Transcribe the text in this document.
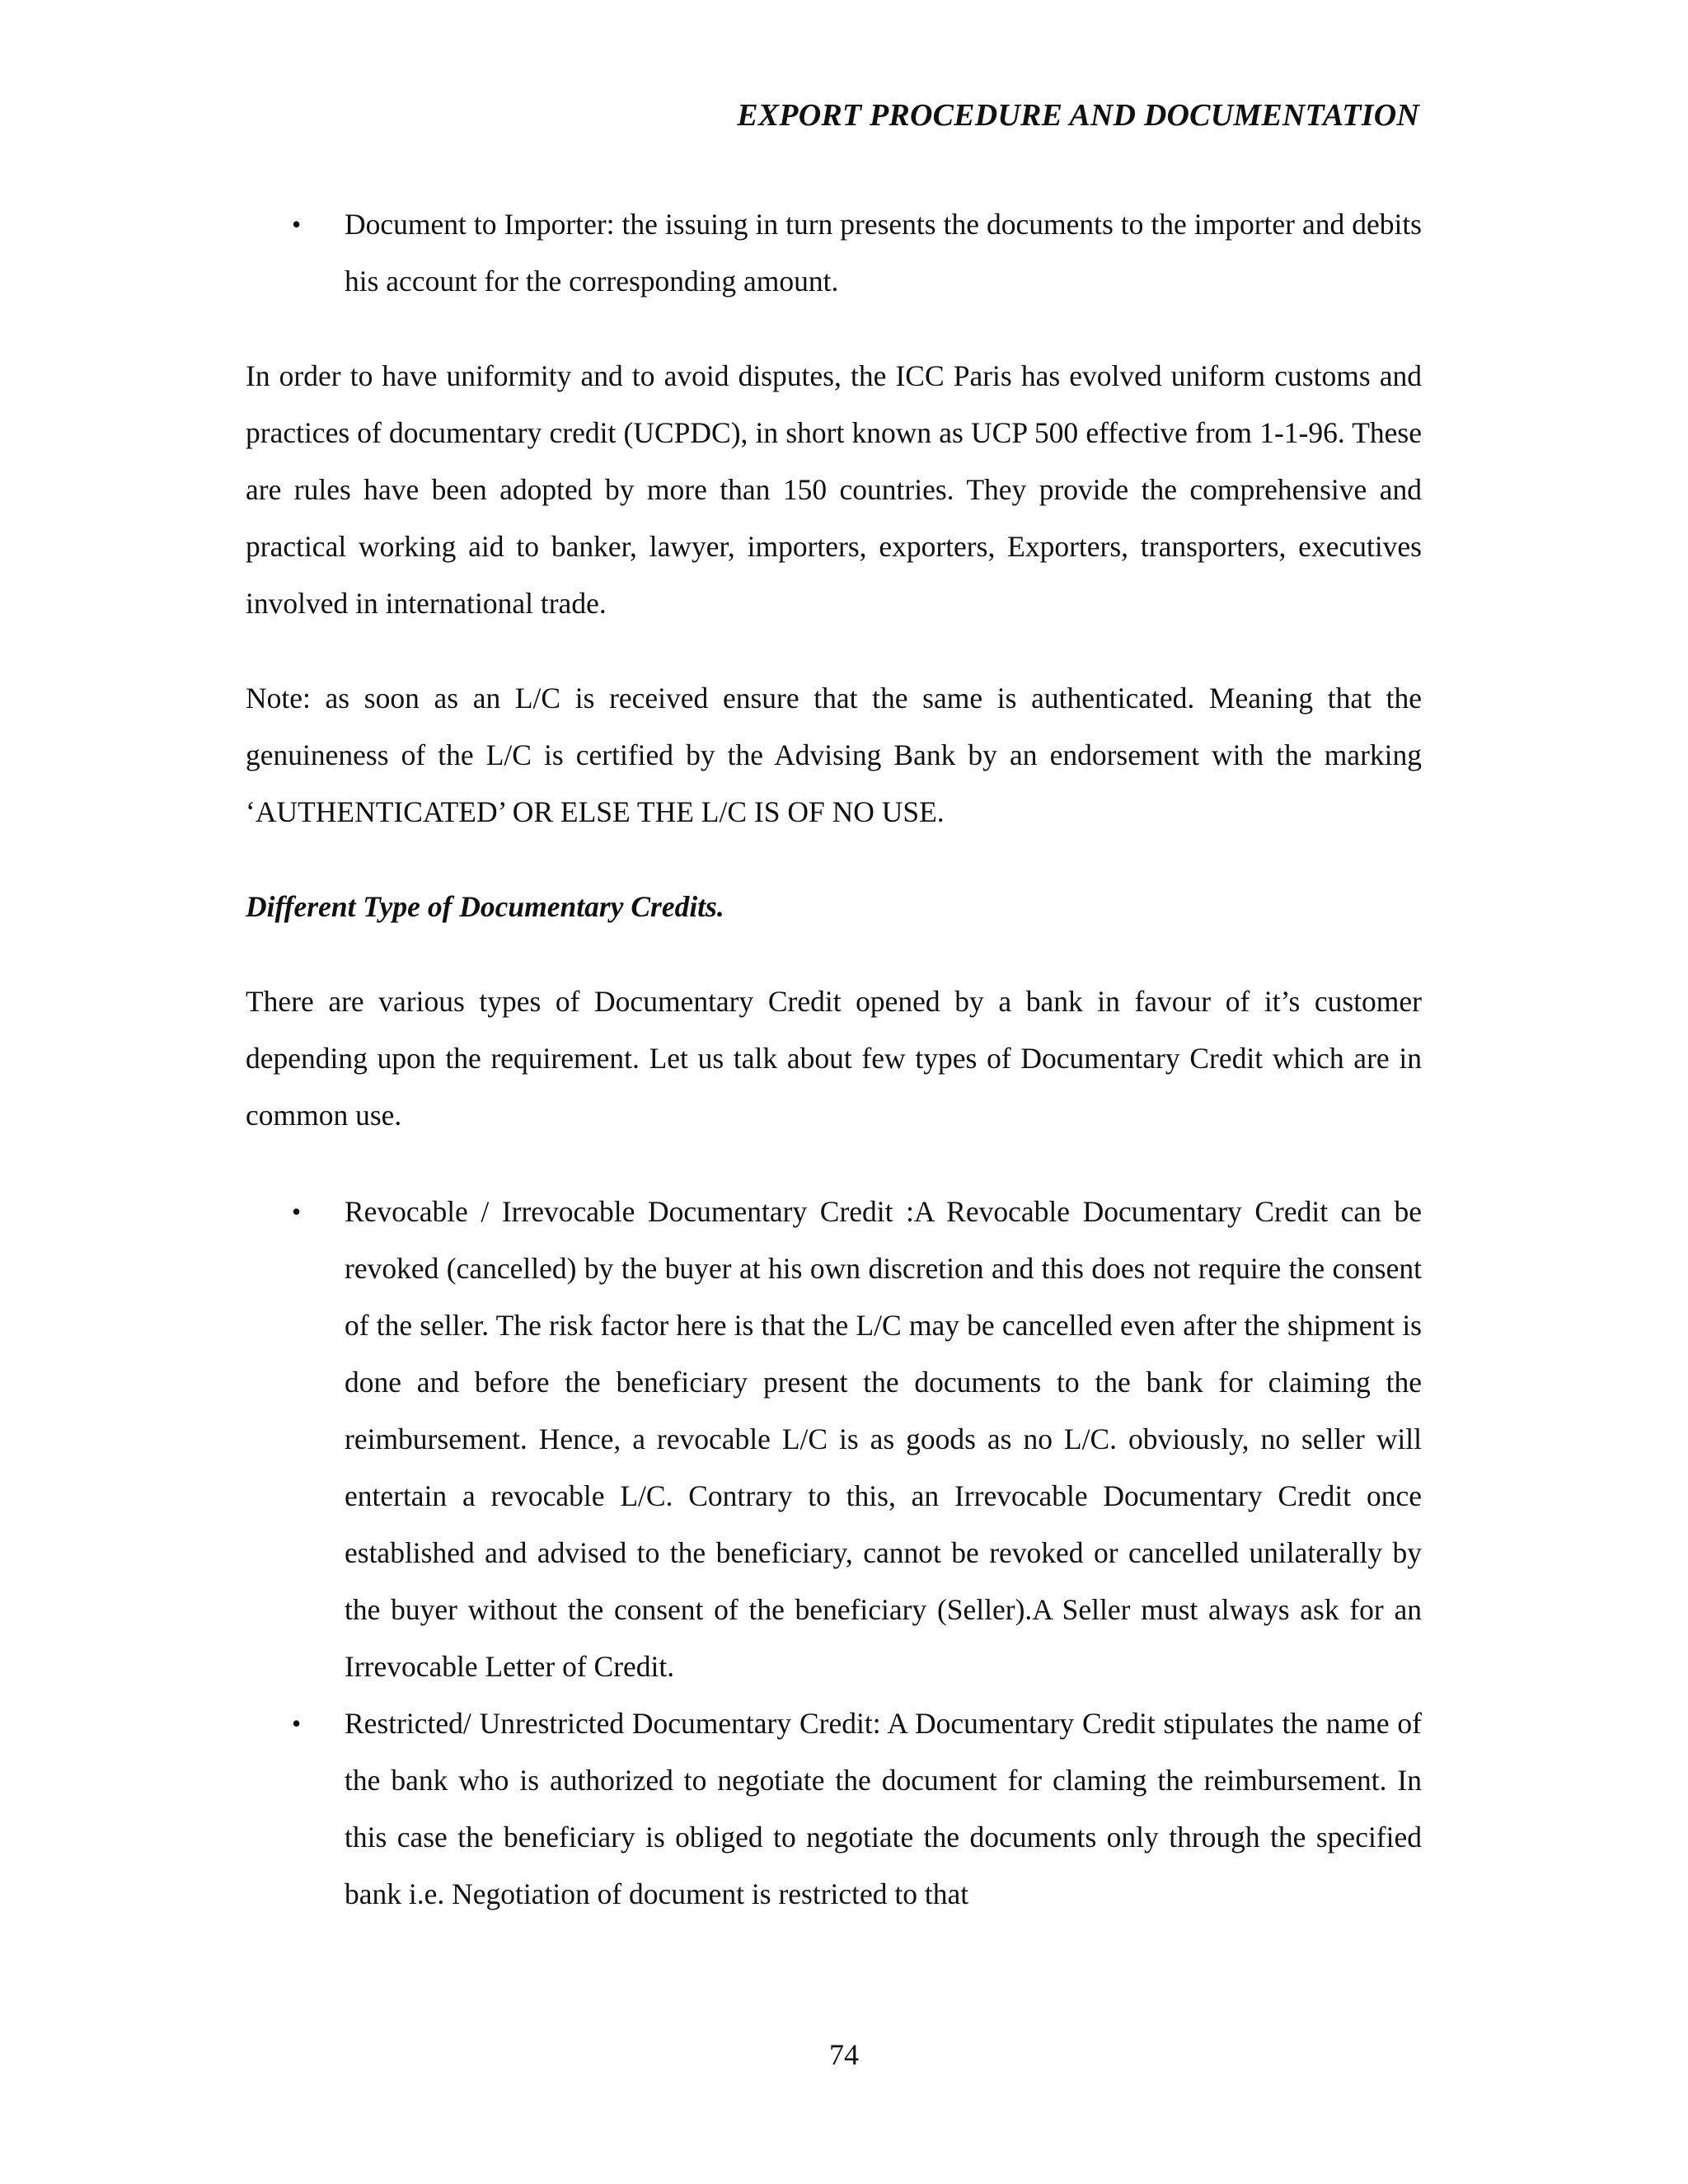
EXPORT PROCEDURE AND DOCUMENTATION
• Document to Importer: the issuing in turn presents the documents to the importer and debits his account for the corresponding amount.

In order to have uniformity and to avoid disputes, the ICC Paris has evolved uniform customs and practices of documentary credit (UCPDC), in short known as UCP 500 effective from 1-1-96. These are rules have been adopted by more than 150 countries. They provide the comprehensive and practical working aid to banker, lawyer, importers, exporters, Exporters, transporters, executives involved in international trade.

Note: as soon as an L/C is received ensure that the same is authenticated. Meaning that the genuineness of the L/C is certified by the Advising Bank by an endorsement with the marking ‘AUTHENTICATED’ OR ELSE THE L/C IS OF NO USE.

Different Type of Documentary Credits.

There are various types of Documentary Credit opened by a bank in favour of it’s customer depending upon the requirement. Let us talk about few types of Documentary Credit which are in common use.

• Revocable / Irrevocable Documentary Credit :A Revocable Documentary Credit can be revoked (cancelled) by the buyer at his own discretion and this does not require the consent of the seller. The risk factor here is that the L/C may be cancelled even after the shipment is done and before the beneficiary present the documents to the bank for claiming the reimbursement. Hence, a revocable L/C is as goods as no L/C. obviously, no seller will entertain a revocable L/C. Contrary to this, an Irrevocable Documentary Credit once established and advised to the beneficiary, cannot be revoked or cancelled unilaterally by the buyer without the consent of the beneficiary (Seller).A Seller must always ask for an Irrevocable Letter of Credit.
• Restricted/ Unrestricted Documentary Credit: A Documentary Credit stipulates the name of the bank who is authorized to negotiate the document for claming the reimbursement. In this case the beneficiary is obliged to negotiate the documents only through the specified bank i.e. Negotiation of document is restricted to that
74
